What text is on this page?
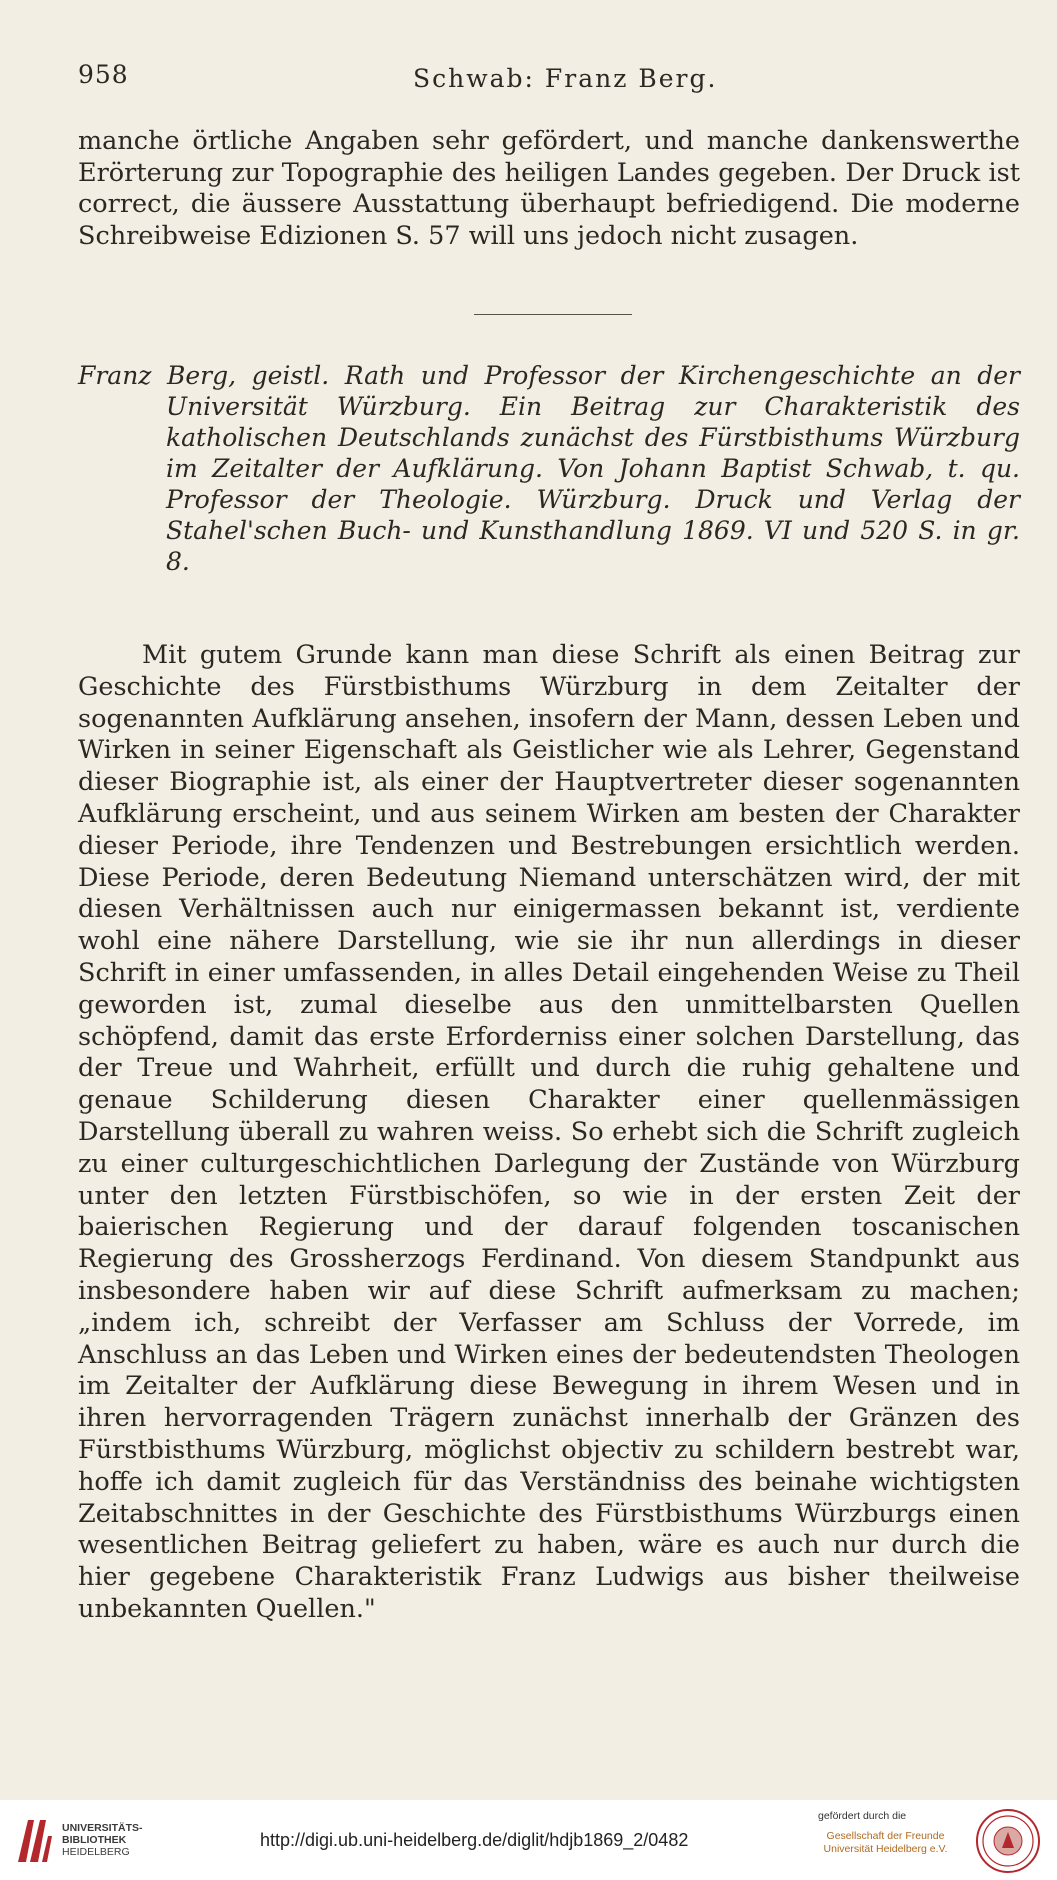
958	Schwab: Franz Berg.
manche örtliche Angaben sehr gefördert, und manche dankenswerthe Erörterung zur Topographie des heiligen Landes gegeben. Der Druck ist correct, die äussere Ausstattung überhaupt befriedigend. Die moderne Schreibweise Edizionen S. 57 will uns jedoch nicht zusagen.
Franz Berg, geistl. Rath und Professor der Kirchengeschichte an der Universität Würzburg. Ein Beitrag zur Charakteristik des katholischen Deutschlands zunächst des Fürstbisthums Würzburg im Zeitalter der Aufklärung. Von Johann Baptist Schwab, t. qu. Professor der Theologie. Würzburg. Druck und Verlag der Stahel'schen Buch- und Kunsthandlung 1869. VI und 520 S. in gr. 8.
Mit gutem Grunde kann man diese Schrift als einen Beitrag zur Geschichte des Fürstbisthums Würzburg in dem Zeitalter der sogenannten Aufklärung ansehen, insofern der Mann, dessen Leben und Wirken in seiner Eigenschaft als Geistlicher wie als Lehrer, Gegenstand dieser Biographie ist, als einer der Hauptvertreter dieser sogenannten Aufklärung erscheint, und aus seinem Wirken am besten der Charakter dieser Periode, ihre Tendenzen und Bestrebungen ersichtlich werden. Diese Periode, deren Bedeutung Niemand unterschätzen wird, der mit diesen Verhältnissen auch nur einigermassen bekannt ist, verdiente wohl eine nähere Darstellung, wie sie ihr nun allerdings in dieser Schrift in einer umfassenden, in alles Detail eingehenden Weise zu Theil geworden ist, zumal dieselbe aus den unmittelbarsten Quellen schöpfend, damit das erste Erforderniss einer solchen Darstellung, das der Treue und Wahrheit, erfüllt und durch die ruhig gehaltene und genaue Schilderung diesen Charakter einer quellenmässigen Darstellung überall zu wahren weiss. So erhebt sich die Schrift zugleich zu einer culturgeschichtlichen Darlegung der Zustände von Würzburg unter den letzten Fürstbischöfen, so wie in der ersten Zeit der baierischen Regierung und der darauf folgenden toscanischen Regierung des Grossherzogs Ferdinand. Von diesem Standpunkt aus insbesondere haben wir auf diese Schrift aufmerksam zu machen; „indem ich, schreibt der Verfasser am Schluss der Vorrede, im Anschluss an das Leben und Wirken eines der bedeutendsten Theologen im Zeitalter der Aufklärung diese Bewegung in ihrem Wesen und in ihren hervorragenden Trägern zunächst innerhalb der Gränzen des Fürstbisthums Würzburg, möglichst objectiv zu schildern bestrebt war, hoffe ich damit zugleich für das Verständniss des beinahe wichtigsten Zeitabschnittes in der Geschichte des Fürstbisthums Würzburgs einen wesentlichen Beitrag geliefert zu haben, wäre es auch nur durch die hier gegebene Charakteristik Franz Ludwigs aus bisher theilweise unbekannten Quellen."
UNIVERSITÄTS-
BIBLIOTHEK
HEIDELBERG
http://digi.ub.uni-heidelberg.de/diglit/hdjb1869_2/0482
gefördert durch die
Gesellschaft der Freunde
Universität Heidelberg e.V.
